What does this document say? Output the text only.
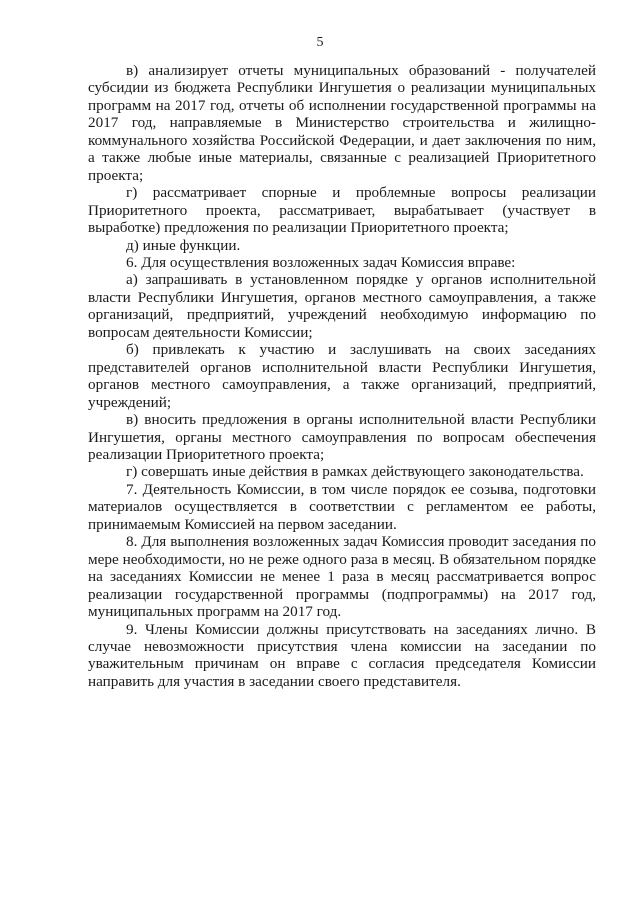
5

в) анализирует отчеты муниципальных образований - получателей субсидии из бюджета Республики Ингушетия о реализации муниципальных программ на 2017 год, отчеты об исполнении государственной программы на 2017 год, направляемые в Министерство строительства и жилищно-коммунального хозяйства Российской Федерации, и дает заключения по ним, а также любые иные материалы, связанные с реализацией Приоритетного проекта;

г) рассматривает спорные и проблемные вопросы реализации Приоритетного проекта, рассматривает, вырабатывает (участвует в выработке) предложения по реализации Приоритетного проекта;

д) иные функции.

6. Для осуществления возложенных задач Комиссия вправе:

а) запрашивать в установленном порядке у органов исполнительной власти Республики Ингушетия, органов местного самоуправления, а также организаций, предприятий, учреждений необходимую информацию по вопросам деятельности Комиссии;

б) привлекать к участию и заслушивать на своих заседаниях представителей органов исполнительной власти Республики Ингушетия, органов местного самоуправления, а также организаций, предприятий, учреждений;

в) вносить предложения в органы исполнительной власти Республики Ингушетия, органы местного самоуправления по вопросам обеспечения реализации Приоритетного проекта;

г) совершать иные действия в рамках действующего законодательства.

7. Деятельность Комиссии, в том числе порядок ее созыва, подготовки материалов осуществляется в соответствии с регламентом ее работы, принимаемым Комиссией на первом заседании.

8. Для выполнения возложенных задач Комиссия проводит заседания по мере необходимости, но не реже одного раза в месяц. В обязательном порядке на заседаниях Комиссии не менее 1 раза в месяц рассматривается вопрос реализации государственной программы (подпрограммы) на 2017 год, муниципальных программ на 2017 год.

9. Члены Комиссии должны присутствовать на заседаниях лично. В случае невозможности присутствия члена комиссии на заседании по уважительным причинам он вправе с согласия председателя Комиссии направить для участия в заседании своего представителя.
